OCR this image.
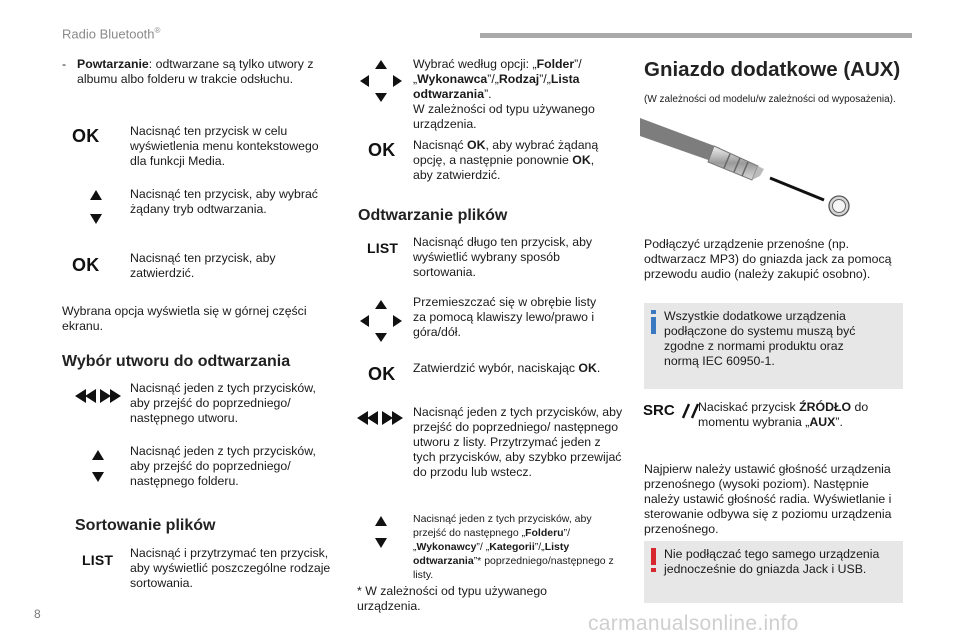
Radio Bluetooth®
- Powtarzanie: odtwarzane są tylko utwory z albumu albo folderu w trakcie odsłuchu.
OK Nacisnąć ten przycisk w celu wyświetlenia menu kontekstowego dla funkcji Media.
Nacisnąć ten przycisk, aby wybrać żądany tryb odtwarzania.
OK Nacisnąć ten przycisk, aby zatwierdzić.
Wybrana opcja wyświetla się w górnej części ekranu.
Wybór utworu do odtwarzania
Nacisnąć jeden z tych przycisków, aby przejść do poprzedniego/ następnego utworu.
Nacisnąć jeden z tych przycisków, aby przejść do poprzedniego/ następnego folderu.
Sortowanie plików
LIST Nacisnąć i przytrzymać ten przycisk, aby wyświetlić poszczególne rodzaje sortowania.
Wybrać według opcji: „Folder”/ „Wykonawca”/„Rodzaj”/„Lista odtwarzania”.
W zależności od typu używanego urządzenia.
OK Nacisnąć OK, aby wybrać żądaną opcję, a następnie ponownie OK, aby zatwierdzić.
Odtwarzanie plików
LIST Nacisnąć długo ten przycisk, aby wyświetlić wybrany sposób sortowania.
Przemieszczać się w obrębie listy za pomocą klawiszy lewo/prawo i góra/dół.
OK Zatwierdzić wybór, naciskając OK.
Nacisnąć jeden z tych przycisków, aby przejść do poprzedniego/ następnego utworu z listy. Przytrzymać jeden z tych przycisków, aby szybko przewijać do przodu lub wstecz.
Nacisnąć jeden z tych przycisków, aby przejść do następnego „Folderu”/„Wykonawcy”/ „Kategorii”/„Listy odtwarzania”* poprzedniego/następnego z listy.
* W zależności od typu używanego urządzenia.
Gniazdo dodatkowe (AUX)
(W zależności od modelu/w zależności od wyposażenia).
Podłączyć urządzenie przenośne (np. odtwarzacz MP3) do gniazda jack za pomocą przewodu audio (należy zakupić osobno).
Wszystkie dodatkowe urządzenia podłączone do systemu muszą być zgodne z normami produktu oraz normą IEC 60950-1.
SRC	Naciskać przycisk ŹRÓDŁO do momentu wybrania „AUX”.
Najpierw należy ustawić głośność urządzenia przenośnego (wysoki poziom). Następnie należy ustawić głośność radia. Wyświetlanie i sterowanie odbywa się z poziomu urządzenia przenośnego.
Nie podłączać tego samego urządzenia jednocześnie do gniazda Jack i USB.
8	carmanualsonline.info
